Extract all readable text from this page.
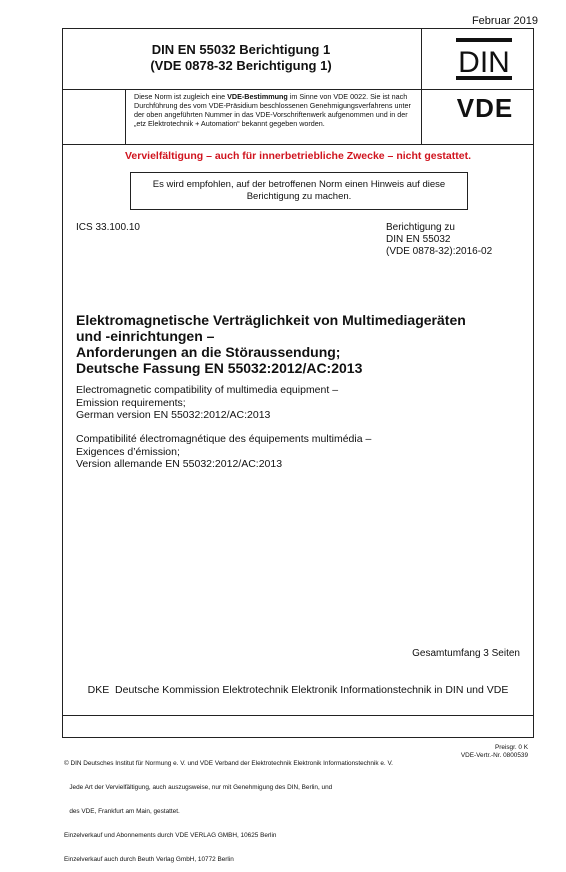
Februar 2019
DIN EN 55032 Berichtigung 1
(VDE 0878-32 Berichtigung 1)	DIN
Diese Norm ist zugleich eine VDE-Bestimmung im Sinne von VDE 0022. Sie ist nach Durchführung des vom VDE-Präsidium beschlossenen Genehmigungsverfahrens unter der oben angeführten Nummer in das VDE-Vorschriftenwerk aufgenommen und in der „etz Elektrotechnik + Automation“ bekannt gegeben worden.
VDE
Vervielfältigung – auch für innerbetriebliche Zwecke – nicht gestattet.
Es wird empfohlen, auf der betroffenen Norm einen Hinweis auf diese
Berichtigung zu machen.
ICS 33.100.10	Berichtigung zu
DIN EN 55032
(VDE 0878-32):2016-02
Elektromagnetische Verträglichkeit von Multimediageräten
und -einrichtungen –
Anforderungen an die Störaussendung;
Deutsche Fassung EN 55032:2012/AC:2013
Electromagnetic compatibility of multimedia equipment –
Emission requirements;
German version EN 55032:2012/AC:2013
Compatibilité électromagnétique des équipements multimédia –
Exigences d’émission;
Version allemande EN 55032:2012/AC:2013
Gesamtumfang 3 Seiten
DKE  Deutsche Kommission Elektrotechnik Elektronik Informationstechnik in DIN und VDE

© DIN Deutsches Institut für Normung e. V. und VDE Verband der Elektrotechnik Elektronik Informationstechnik e. V.

Jede Art der Vervielfältigung, auch auszugsweise, nur mit Genehmigung des DIN, Berlin, und

des VDE, Frankfurt am Main, gestattet.

Einzelverkauf und Abonnements durch VDE VERLAG GMBH, 10625 Berlin

Einzelverkauf auch durch Beuth Verlag GmbH, 10772 Berlin

Preisgr. 0 K
VDE-Vertr.-Nr. 0800539
